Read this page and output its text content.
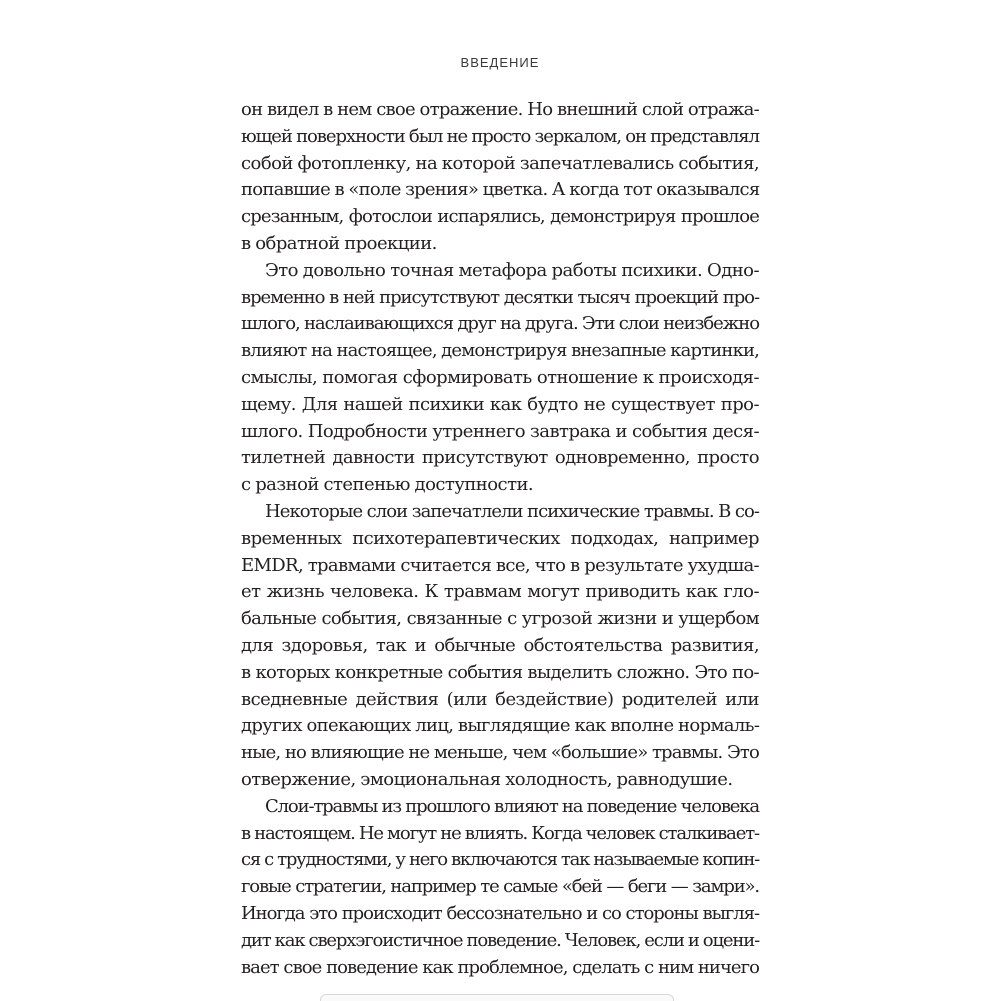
ВВЕДЕНИЕ
он видел в нем свое отражение. Но внешний слой отража-
ющей поверхности был не просто зеркалом, он представлял
собой фотопленку, на которой запечатлевались события,
попавшие в «поле зрения» цветка. А когда тот оказывался
срезанным, фотослои испарялись, демонстрируя прошлое
в обратной проекции.
Это довольно точная метафора работы психики. Одно-
временно в ней присутствуют десятки тысяч проекций про-
шлого, наслаивающихся друг на друга. Эти слои неизбежно
влияют на настоящее, демонстрируя внезапные картинки,
смыслы, помогая сформировать отношение к происходя-
щему. Для нашей психики как будто не существует про-
шлого. Подробности утреннего завтрака и события деся-
тилетней давности присутствуют одновременно, просто
с разной степенью доступности.
Некоторые слои запечатлели психические травмы. В со-
временных психотерапевтических подходах, например
EMDR, травмами считается все, что в результате ухудша-
ет жизнь человека. К травмам могут приводить как гло-
бальные события, связанные с угрозой жизни и ущербом
для здоровья, так и обычные обстоятельства развития,
в которых конкретные события выделить сложно. Это по-
вседневные действия (или бездействие) родителей или
других опекающих лиц, выглядящие как вполне нормаль-
ные, но влияющие не меньше, чем «большие» травмы. Это
отвержение, эмоциональная холодность, равнодушие.
Слои-травмы из прошлого влияют на поведение человека
в настоящем. Не могут не влиять. Когда человек сталкивает-
ся с трудностями, у него включаются так называемые копин-
говые стратегии, например те самые «бей — беги — замри».
Иногда это происходит бессознательно и со стороны выгля-
дит как сверхэгоистичное поведение. Человек, если и оцени-
вает свое поведение как проблемное, сделать с ним ничего
